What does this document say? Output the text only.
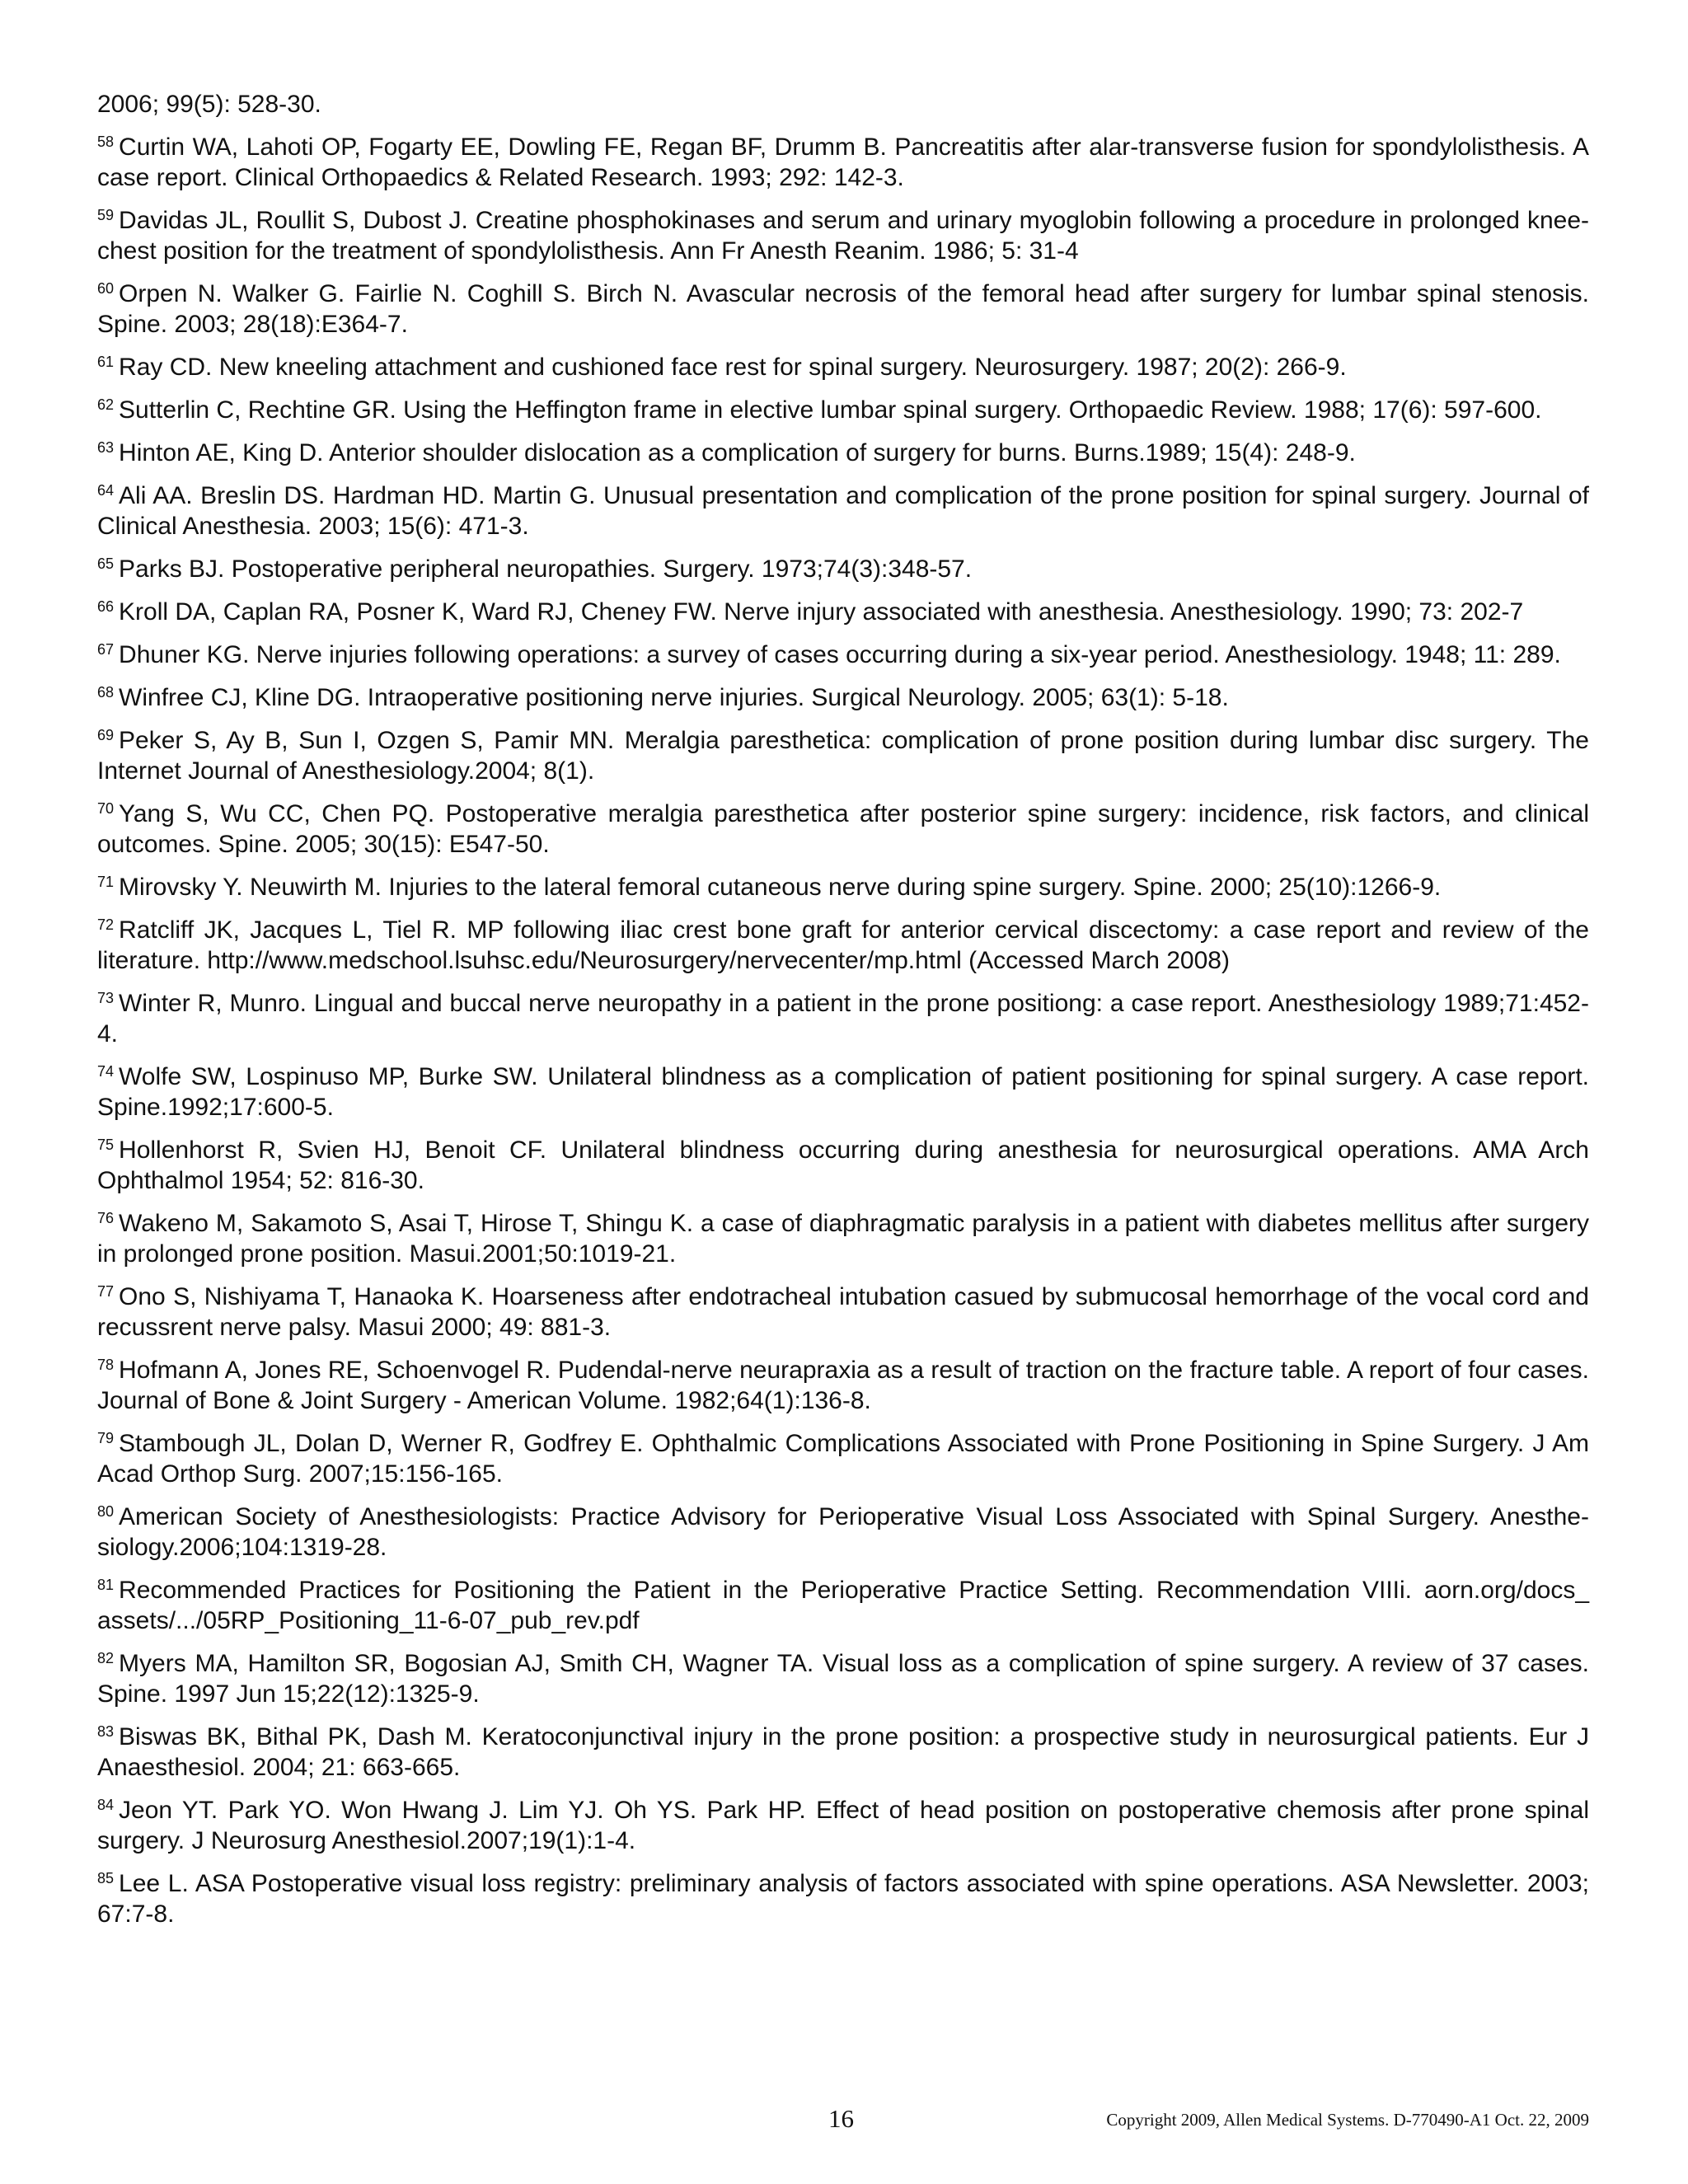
2006; 99(5): 528-30.

$^{58}$ Curtin WA, Lahoti OP, Fogarty EE, Dowling FE, Regan BF, Drumm B. Pancreatitis after alar-transverse fusion for spondylolisthesis. A case report. Clinical Orthopaedics & Related Research. 1993; 292: 142-3.

$^{59}$ Davidas JL, Roullit S, Dubost J. Creatine phosphokinases and serum and urinary myoglobin following a procedure in prolonged knee-chest position for the treatment of spondylolisthesis. Ann Fr Anesth Reanim. 1986; 5: 31-4

$^{60}$ Orpen N. Walker G. Fairlie N. Coghill S. Birch N. Avascular necrosis of the femoral head after surgery for lumbar spinal stenosis. Spine. 2003; 28(18):E364-7.

$^{61}$ Ray CD. New kneeling attachment and cushioned face rest for spinal surgery. Neurosurgery. 1987; 20(2): 266-9.

$^{62}$ Sutterlin C, Rechtine GR. Using the Heffington frame in elective lumbar spinal surgery. Orthopaedic Review. 1988; 17(6): 597-600.

$^{63}$ Hinton AE, King D. Anterior shoulder dislocation as a complication of surgery for burns. Burns.1989; 15(4): 248-9.

$^{64}$ Ali AA. Breslin DS. Hardman HD. Martin G. Unusual presentation and complication of the prone position for spinal surgery. Journal of Clinical Anesthesia. 2003; 15(6): 471-3.

$^{65}$ Parks BJ. Postoperative peripheral neuropathies. Surgery. 1973;74(3):348-57.

$^{66}$ Kroll DA, Caplan RA, Posner K, Ward RJ, Cheney FW. Nerve injury associated with anesthesia. Anesthesiology. 1990; 73: 202-7

$^{67}$ Dhuner KG. Nerve injuries following operations: a survey of cases occurring during a six-year period. Anesthesiology. 1948; 11: 289.

$^{68}$ Winfree CJ, Kline DG. Intraoperative positioning nerve injuries. Surgical Neurology. 2005; 63(1): 5-18.

$^{69}$ Peker S, Ay B, Sun I, Ozgen S, Pamir MN. Meralgia paresthetica: complication of prone position during lumbar disc surgery. The Internet Journal of Anesthesiology.2004; 8(1).

$^{70}$ Yang S, Wu CC, Chen PQ. Postoperative meralgia paresthetica after posterior spine surgery: incidence, risk factors, and clinical outcomes. Spine. 2005; 30(15): E547-50.

$^{71}$ Mirovsky Y. Neuwirth M. Injuries to the lateral femoral cutaneous nerve during spine surgery. Spine. 2000; 25(10):1266-9.

$^{72}$ Ratcliff JK, Jacques L, Tiel R. MP following iliac crest bone graft for anterior cervical discectomy: a case report and review of the literature. http://www.medschool.lsuhsc.edu/Neurosurgery/nervecenter/mp.html (Accessed March 2008)

$^{73}$ Winter R, Munro. Lingual and buccal nerve neuropathy in a patient in the prone positiong: a case report. Anesthesiology 1989;71:452-4.

$^{74}$ Wolfe SW, Lospinuso MP, Burke SW. Unilateral blindness as a complication of patient positioning for spinal surgery. A case report. Spine.1992;17:600-5.

$^{75}$ Hollenhorst R, Svien HJ, Benoit CF. Unilateral blindness occurring during anesthesia for neurosurgical operations. AMA Arch Ophthalmol 1954; 52: 816-30.

$^{76}$ Wakeno M, Sakamoto S, Asai T, Hirose T, Shingu K. a case of diaphragmatic paralysis in a patient with diabetes mellitus after surgery in prolonged prone position. Masui.2001;50:1019-21.

$^{77}$ Ono S, Nishiyama T, Hanaoka K. Hoarseness after endotracheal intubation casued by submucosal hemorrhage of the vocal cord and recussrent nerve palsy. Masui 2000; 49: 881-3.

$^{78}$ Hofmann A, Jones RE, Schoenvogel R. Pudendal-nerve neurapraxia as a result of traction on the fracture table. A report of four cases. Journal of Bone & Joint Surgery - American Volume. 1982;64(1):136-8.

$^{79}$ Stambough JL, Dolan D, Werner R, Godfrey E. Ophthalmic Complications Associated with Prone Positioning in Spine Surgery. J Am Acad Orthop Surg. 2007;15:156-165.

$^{80}$ American Society of Anesthesiologists: Practice Advisory for Perioperative Visual Loss Associated with Spinal Surgery. Anesthesiology.2006;104:1319-28.

$^{81}$ Recommended Practices for Positioning the Patient in the Perioperative Practice Setting. Recommendation VIIIi. aorn.org/docs_ assets/.../05RP_Positioning_11-6-07_pub_rev.pdf

$^{82}$ Myers MA, Hamilton SR, Bogosian AJ, Smith CH, Wagner TA. Visual loss as a complication of spine surgery. A review of 37 cases. Spine. 1997 Jun 15;22(12):1325-9.

$^{83}$ Biswas BK, Bithal PK, Dash M. Keratoconjunctival injury in the prone position: a prospective study in neurosurgical patients. Eur J Anaesthesiol. 2004; 21: 663-665.

$^{84}$ Jeon YT. Park YO. Won Hwang J. Lim YJ. Oh YS. Park HP. Effect of head position on postoperative chemosis after prone spinal surgery. J Neurosurg Anesthesiol.2007;19(1):1-4.

$^{85}$ Lee L. ASA Postoperative visual loss registry: preliminary analysis of factors associated with spine operations. ASA Newsletter. 2003; 67:7-8.

16	Copyright 2009, Allen Medical Systems. D-770490-A1 Oct. 22, 2009
